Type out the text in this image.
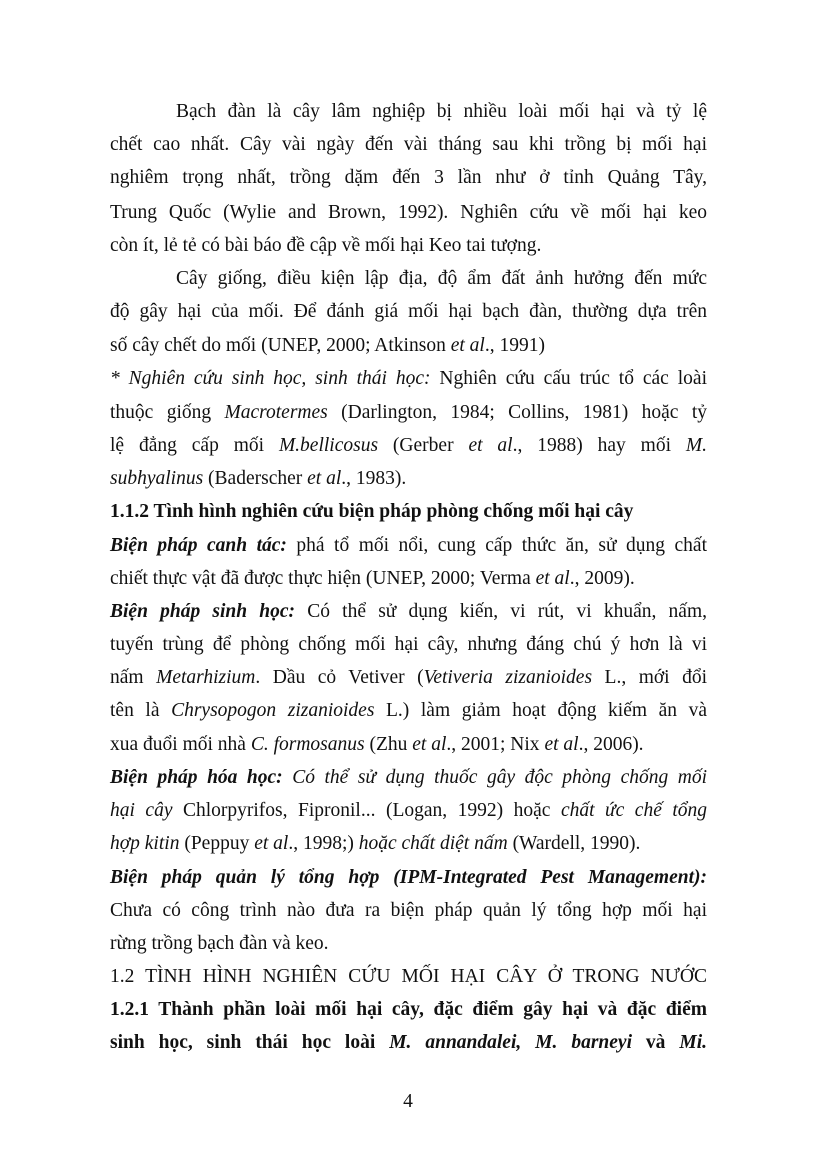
Bạch đàn là cây lâm nghiệp bị nhiều loài mối hại và tỷ lệ
chết cao nhất. Cây vài ngày đến vài tháng sau khi trồng bị mối hại
nghiêm trọng nhất, trồng dặm đến 3 lần như ở tỉnh Quảng Tây,
Trung Quốc (Wylie and Brown, 1992). Nghiên cứu về mối hại keo
còn ít, lẻ tẻ có bài báo đề cập về mối hại Keo tai tượng.
Cây giống, điều kiện lập địa, độ ẩm đất ảnh hưởng đến mức
độ gây hại của mối. Để đánh giá mối hại bạch đàn, thường dựa trên
số cây chết do mối (UNEP, 2000; Atkinson et al., 1991)
* Nghiên cứu sinh học, sinh thái học: Nghiên cứu cấu trúc tổ các loài
thuộc giống Macrotermes (Darlington, 1984; Collins, 1981) hoặc tỷ
lệ đẳng cấp mối M.bellicosus (Gerber et al., 1988) hay mối M.
subhyalinus (Baderscher et al., 1983).
1.1.2 Tình hình nghiên cứu biện pháp phòng chống mối hại cây
Biện pháp canh tác: phá tổ mối nổi, cung cấp thức ăn, sử dụng chất
chiết thực vật đã được thực hiện (UNEP, 2000; Verma et al., 2009).
Biện pháp sinh học: Có thể sử dụng kiến, vi rút, vi khuẩn, nấm,
tuyến trùng để phòng chống mối hại cây, nhưng đáng chú ý hơn là vi
nấm Metarhizium. Dầu cỏ Vetiver (Vetiveria zizanioides L., mới đổi
tên là Chrysopogon zizanioides L.) làm giảm hoạt động kiếm ăn và
xua đuổi mối nhà C. formosanus (Zhu et al., 2001; Nix et al., 2006).
Biện pháp hóa học: Có thể sử dụng thuốc gây độc phòng chống mối
hại cây Chlorpyrifos, Fipronil... (Logan, 1992) hoặc chất ức chế tổng
hợp kitin (Peppuy et al., 1998;) hoặc chất diệt nấm (Wardell, 1990).
Biện pháp quản lý tổng hợp (IPM-Integrated Pest Management):
Chưa có công trình nào đưa ra biện pháp quản lý tổng hợp mối hại
rừng trồng bạch đàn và keo.
1.2 TÌNH HÌNH NGHIÊN CỨU MỐI HẠI CÂY Ở TRONG NƯỚC
1.2.1 Thành phần loài mối hại cây, đặc điểm gây hại và đặc điểm
sinh học, sinh thái học loài M. annandalei, M. barneyi và Mi.
4
